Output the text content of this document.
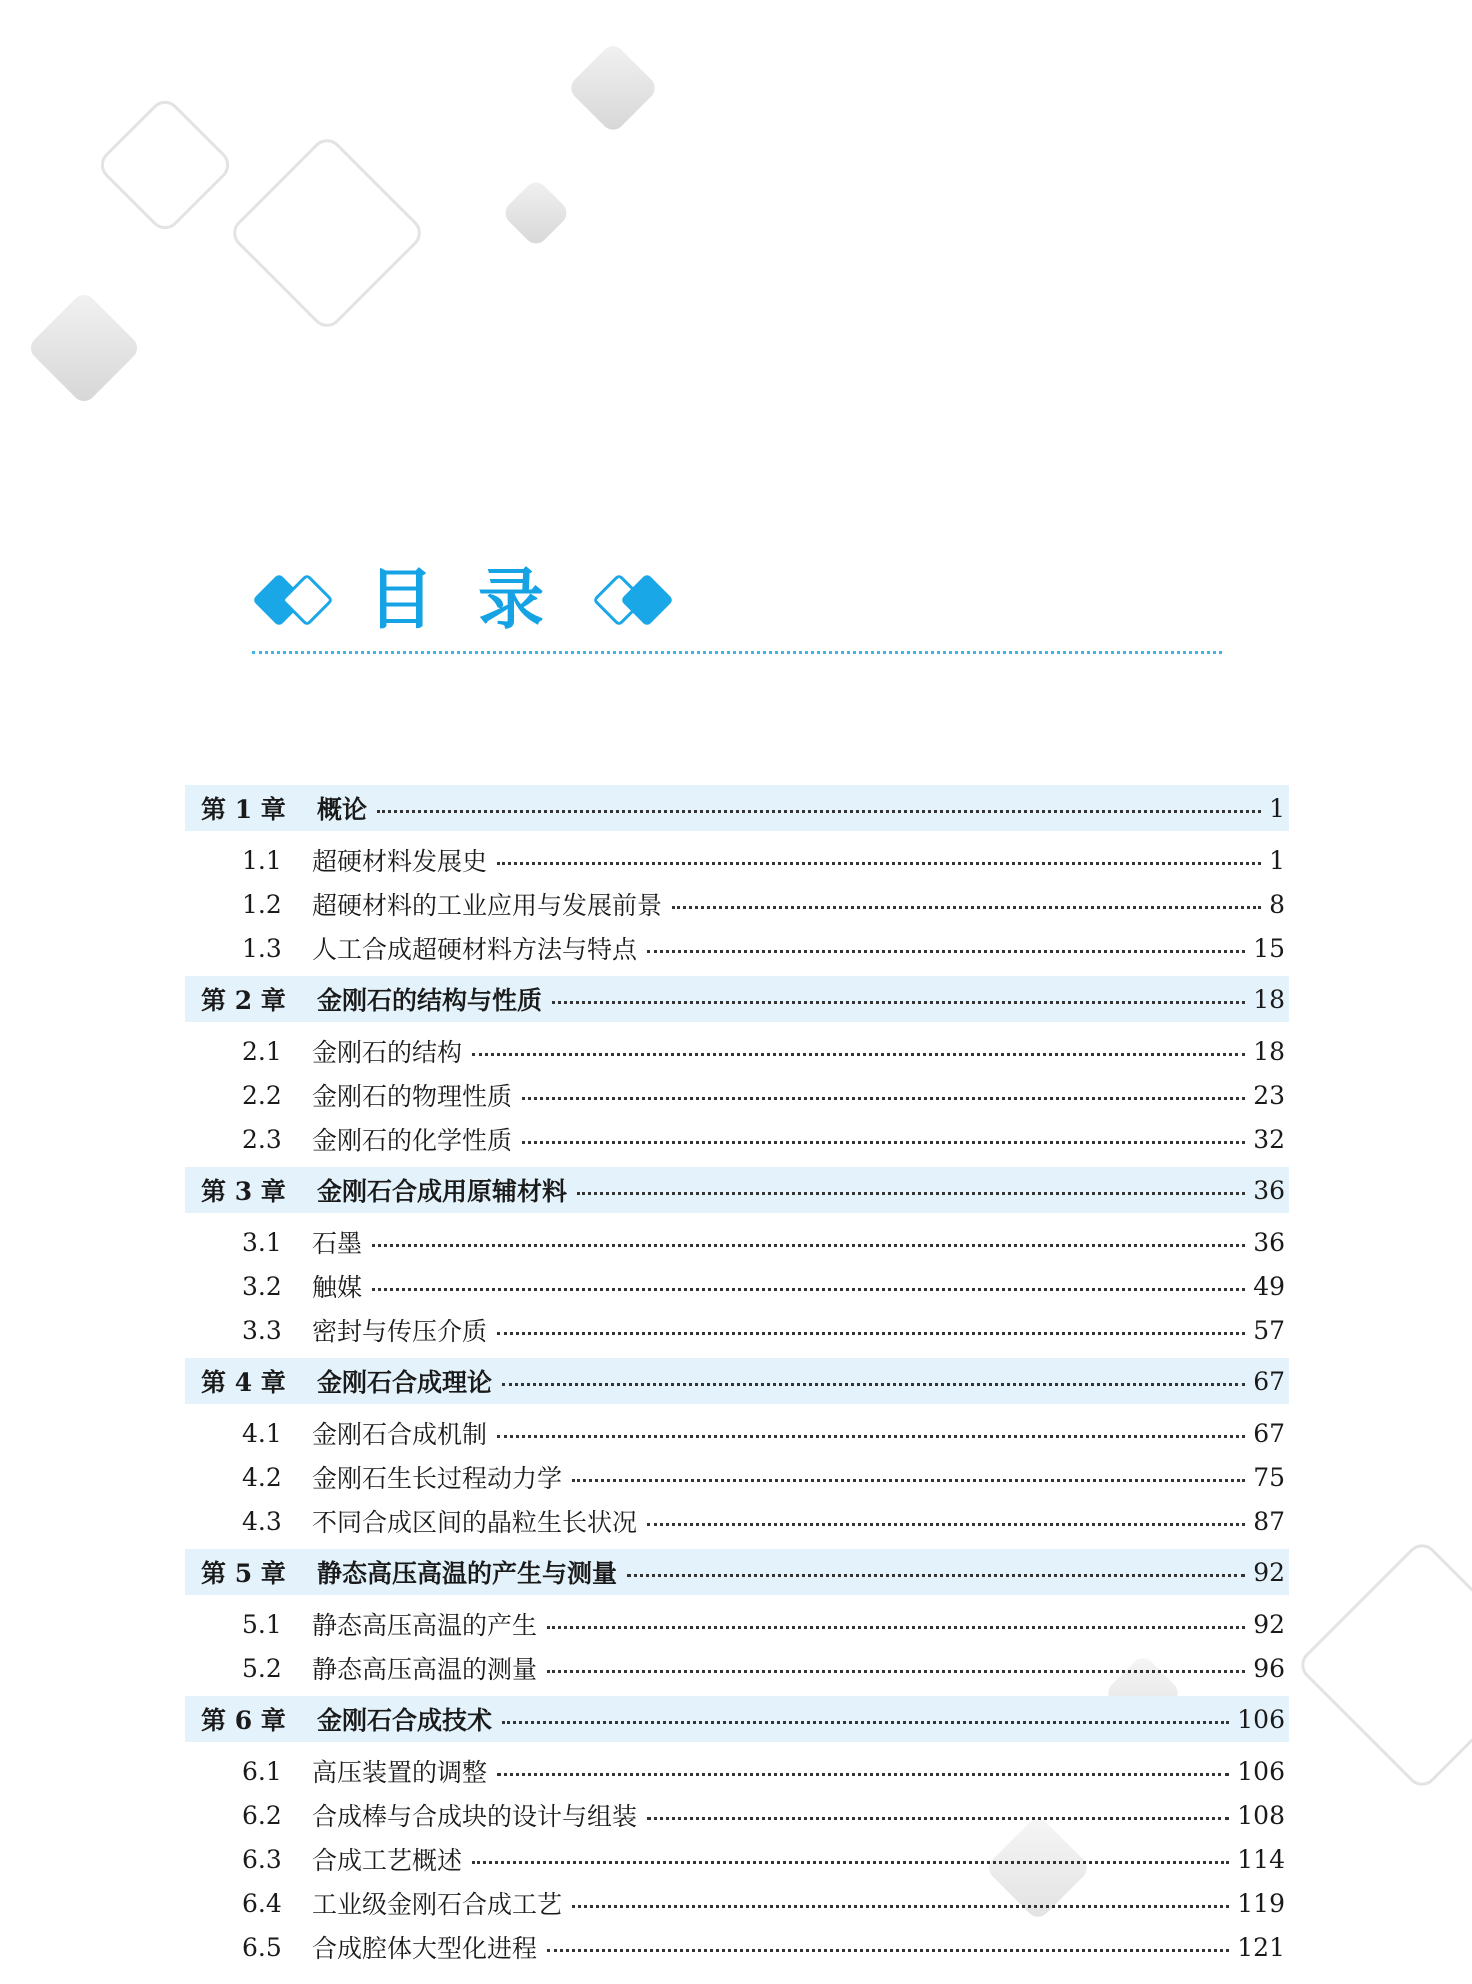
目录
第 1 章	概论	1
1.1	超硬材料发展史	1
1.2	超硬材料的工业应用与发展前景	8
1.3	人工合成超硬材料方法与特点	15
第 2 章	金刚石的结构与性质	18
2.1	金刚石的结构	18
2.2	金刚石的物理性质	23
2.3	金刚石的化学性质	32
第 3 章	金刚石合成用原辅材料	36
3.1	石墨	36
3.2	触媒	49
3.3	密封与传压介质	57
第 4 章	金刚石合成理论	67
4.1	金刚石合成机制	67
4.2	金刚石生长过程动力学	75
4.3	不同合成区间的晶粒生长状况	87
第 5 章	静态高压高温的产生与测量	92
5.1	静态高压高温的产生	92
5.2	静态高压高温的测量	96
第 6 章	金刚石合成技术	106
6.1	高压装置的调整	106
6.2	合成棒与合成块的设计与组装	108
6.3	合成工艺概述	114
6.4	工业级金刚石合成工艺	119
6.5	合成腔体大型化进程	121
